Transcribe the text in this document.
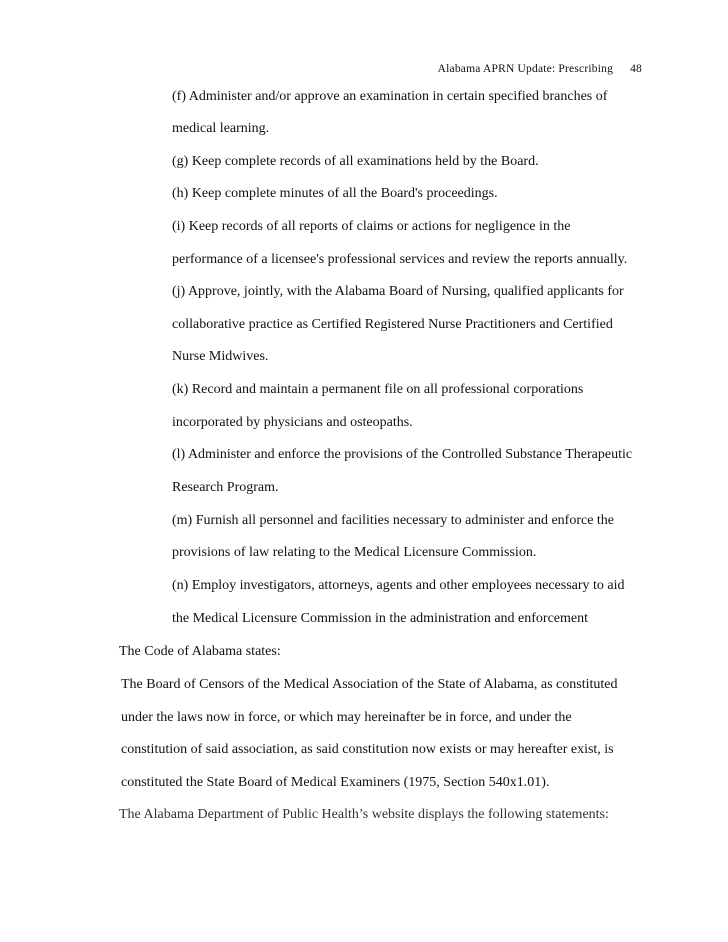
Alabama APRN Update: Prescribing 48
(f) Administer and/or approve an examination in certain specified branches of
medical learning.
(g) Keep complete records of all examinations held by the Board.
(h) Keep complete minutes of all the Board's proceedings.
(i) Keep records of all reports of claims or actions for negligence in the
performance of a licensee's professional services and review the reports annually.
(j) Approve, jointly, with the Alabama Board of Nursing, qualified applicants for
collaborative practice as Certified Registered Nurse Practitioners and Certified
Nurse Midwives.
(k) Record and maintain a permanent file on all professional corporations
incorporated by physicians and osteopaths.
(l) Administer and enforce the provisions of the Controlled Substance Therapeutic
Research Program.
(m) Furnish all personnel and facilities necessary to administer and enforce the
provisions of law relating to the Medical Licensure Commission.
(n) Employ investigators, attorneys, agents and other employees necessary to aid
the Medical Licensure Commission in the administration and enforcement
The Code of Alabama states:
The Board of Censors of the Medical Association of the State of Alabama, as constituted
under the laws now in force, or which may hereinafter be in force, and under the
constitution of said association, as said constitution now exists or may hereafter exist, is
constituted the State Board of Medical Examiners (1975, Section 540x1.01).
The Alabama Department of Public Health’s website displays the following statements:
